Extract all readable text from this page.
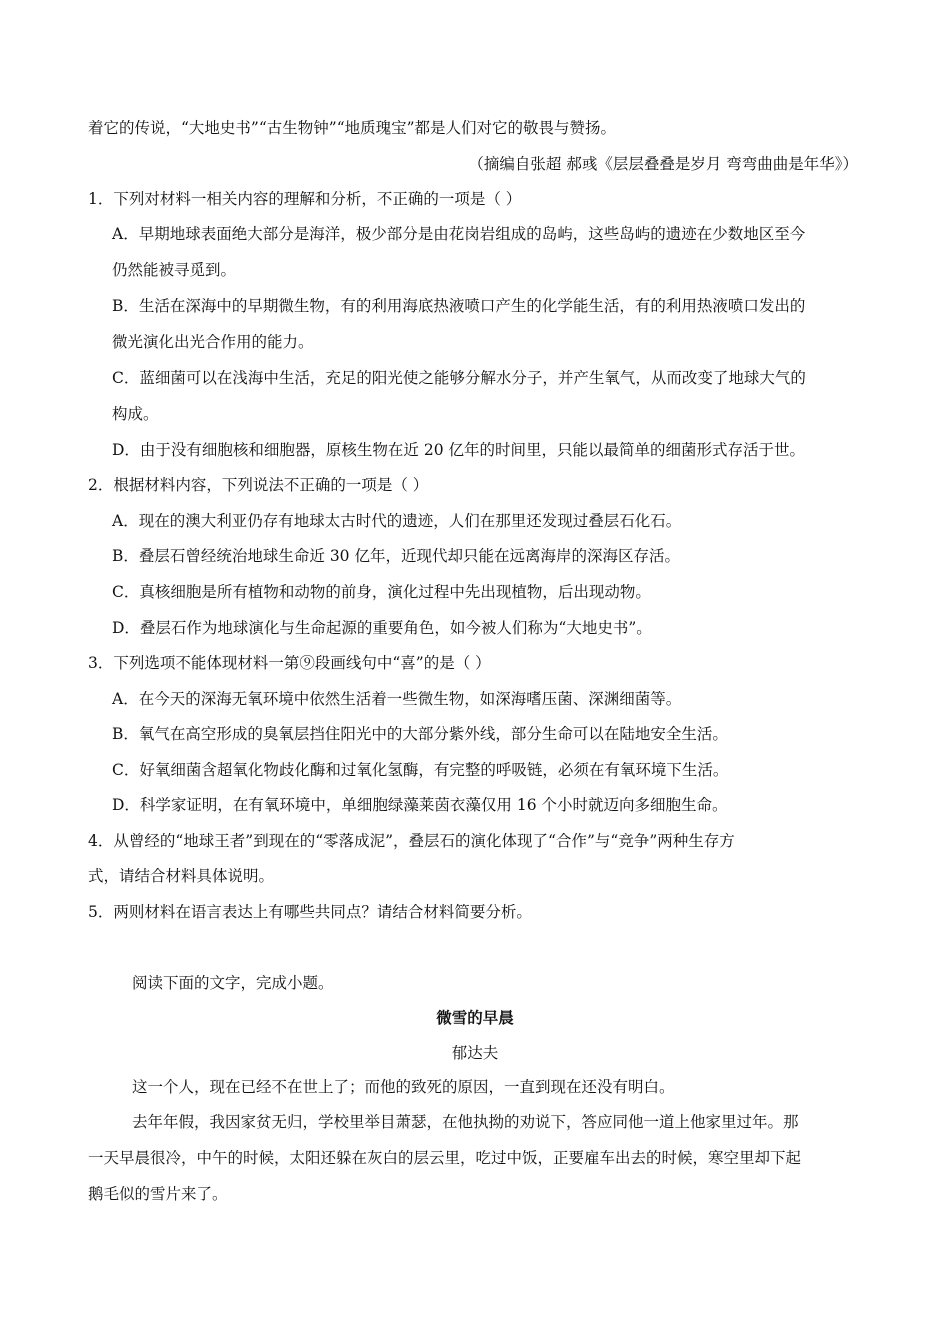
着它的传说，“大地史书”“古生物钟”“地质瑰宝”都是人们对它的敬畏与赞扬。
（摘编自张超 郝彧《层层叠叠是岁月 弯弯曲曲是年华》）
1．下列对材料一相关内容的理解和分析，不正确的一项是（ ）
A．早期地球表面绝大部分是海洋，极少部分是由花岗岩组成的岛屿，这些岛屿的遗迹在少数地区至今
仍然能被寻觅到。
B．生活在深海中的早期微生物，有的利用海底热液喷口产生的化学能生活，有的利用热液喷口发出的
微光演化出光合作用的能力。
C．蓝细菌可以在浅海中生活，充足的阳光使之能够分解水分子，并产生氧气，从而改变了地球大气的
构成。
D．由于没有细胞核和细胞器，原核生物在近 20 亿年的时间里，只能以最简单的细菌形式存活于世。
2．根据材料内容，下列说法不正确的一项是（ ）
A．现在的澳大利亚仍存有地球太古时代的遗迹，人们在那里还发现过叠层石化石。
B．叠层石曾经统治地球生命近 30 亿年，近现代却只能在远离海岸的深海区存活。
C．真核细胞是所有植物和动物的前身，演化过程中先出现植物，后出现动物。
D．叠层石作为地球演化与生命起源的重要角色，如今被人们称为“大地史书”。
3．下列选项不能体现材料一第⑨段画线句中“喜”的是（ ）
A．在今天的深海无氧环境中依然生活着一些微生物，如深海嗜压菌、深渊细菌等。
B．氧气在高空形成的臭氧层挡住阳光中的大部分紫外线，部分生命可以在陆地安全生活。
C．好氧细菌含超氧化物歧化酶和过氧化氢酶，有完整的呼吸链，必须在有氧环境下生活。
D．科学家证明，在有氧环境中，单细胞绿藻莱茵衣藻仅用 16 个小时就迈向多细胞生命。
4．从曾经的“地球王者”到现在的“零落成泥”，叠层石的演化体现了“合作”与“竞争”两种生存方
式，请结合材料具体说明。
5．两则材料在语言表达上有哪些共同点？请结合材料简要分析。
阅读下面的文字，完成小题。
微雪的早晨
郁达夫
这一个人，现在已经不在世上了；而他的致死的原因，一直到现在还没有明白。
去年年假，我因家贫无归，学校里举目萧瑟，在他执拗的劝说下，答应同他一道上他家里过年。那
一天早晨很冷，中午的时候，太阳还躲在灰白的层云里，吃过中饭，正要雇车出去的时候，寒空里却下起
鹅毛似的雪片来了。
